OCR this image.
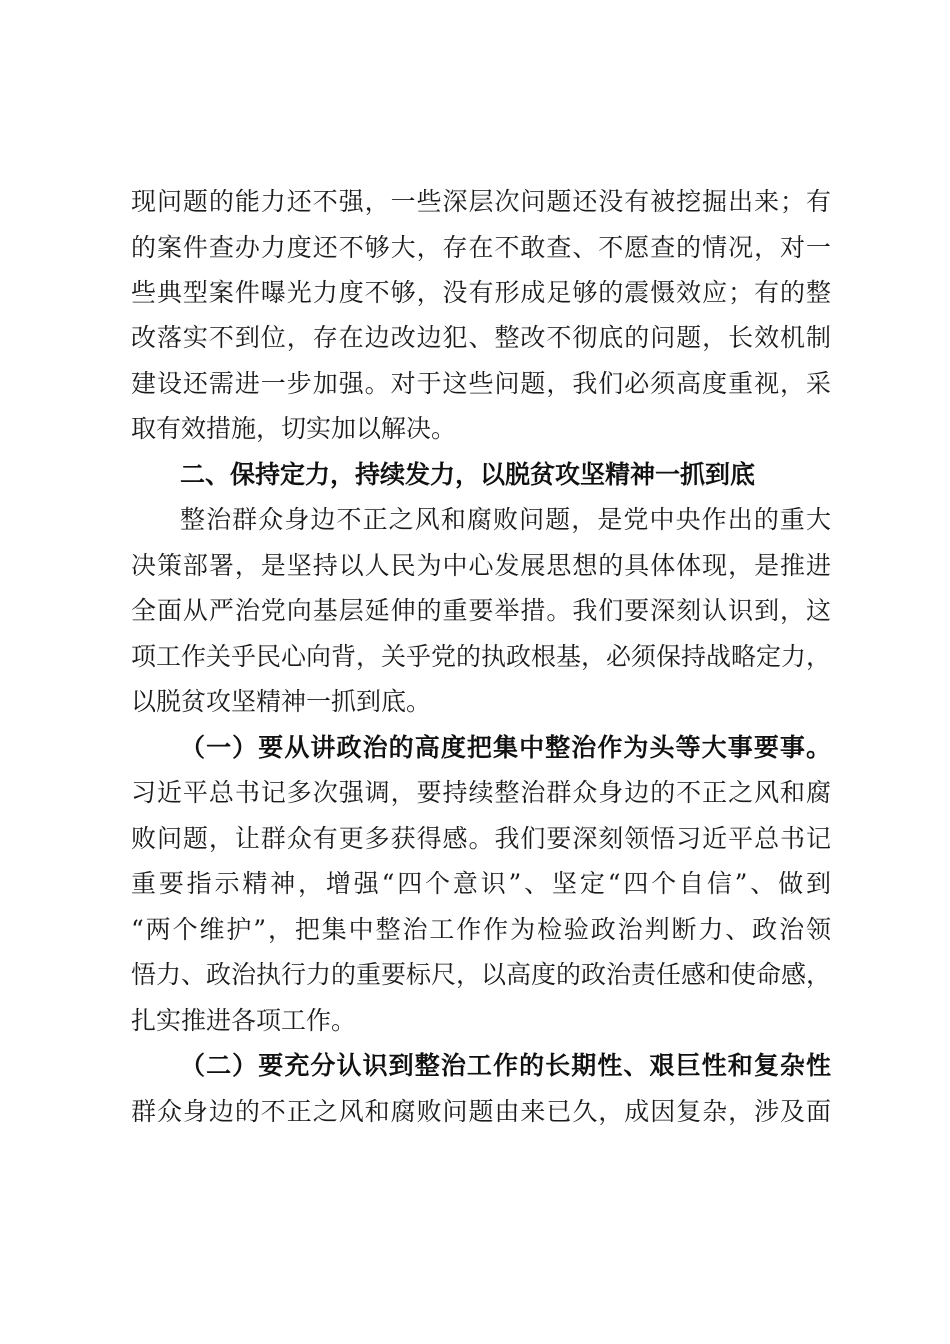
现问题的能力还不强，一些深层次问题还没有被挖掘出来；有
的案件查办力度还不够大，存在不敢查、不愿查的情况，对一
些典型案件曝光力度不够，没有形成足够的震慑效应；有的整
改落实不到位，存在边改边犯、整改不彻底的问题，长效机制
建设还需进一步加强。对于这些问题，我们必须高度重视，采
取有效措施，切实加以解决。
二、保持定力，持续发力，以脱贫攻坚精神一抓到底
整治群众身边不正之风和腐败问题，是党中央作出的重大
决策部署，是坚持以人民为中心发展思想的具体体现，是推进
全面从严治党向基层延伸的重要举措。我们要深刻认识到，这
项工作关乎民心向背，关乎党的执政根基，必须保持战略定力，
以脱贫攻坚精神一抓到底。
（一）要从讲政治的高度把集中整治作为头等大事要事。
习近平总书记多次强调，要持续整治群众身边的不正之风和腐
败问题，让群众有更多获得感。我们要深刻领悟习近平总书记
重要指示精神，增强“四个意识”、坚定“四个自信”、做到
“两个维护”，把集中整治工作作为检验政治判断力、政治领
悟力、政治执行力的重要标尺，以高度的政治责任感和使命感，
扎实推进各项工作。
（二）要充分认识到整治工作的长期性、艰巨性和复杂性
群众身边的不正之风和腐败问题由来已久，成因复杂，涉及面
